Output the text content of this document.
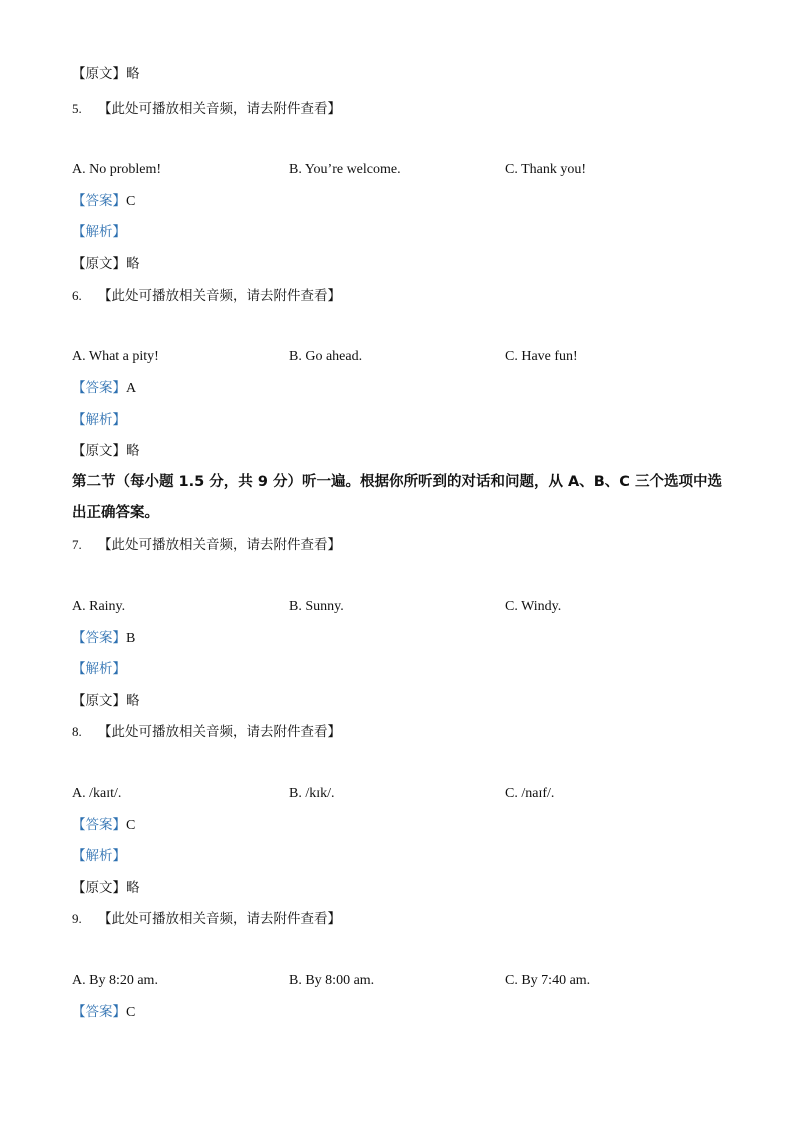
【原文】略
5. 【此处可播放相关音频，请去附件查看】
A. No problem!	B. You’re welcome.	C. Thank you!
【答案】C
【解析】
【原文】略
6. 【此处可播放相关音频，请去附件查看】
A. What a pity!	B. Go ahead.	C. Have fun!
【答案】A
【解析】
【原文】略
第二节（每小题 1.5 分，共 9 分）听一遍。根据你所听到的对话和问题，从 A、B、C 三个选项中选出正确答案。
7. 【此处可播放相关音频，请去附件查看】
A. Rainy.	B. Sunny.	C. Windy.
【答案】B
【解析】
【原文】略
8. 【此处可播放相关音频，请去附件查看】
A. /kaɪt/.	B. /kɪk/.	C. /naɪf/.
【答案】C
【解析】
【原文】略
9. 【此处可播放相关音频，请去附件查看】
A. By 8:20 am.	B. By 8:00 am.	C. By 7:40 am.
【答案】C
